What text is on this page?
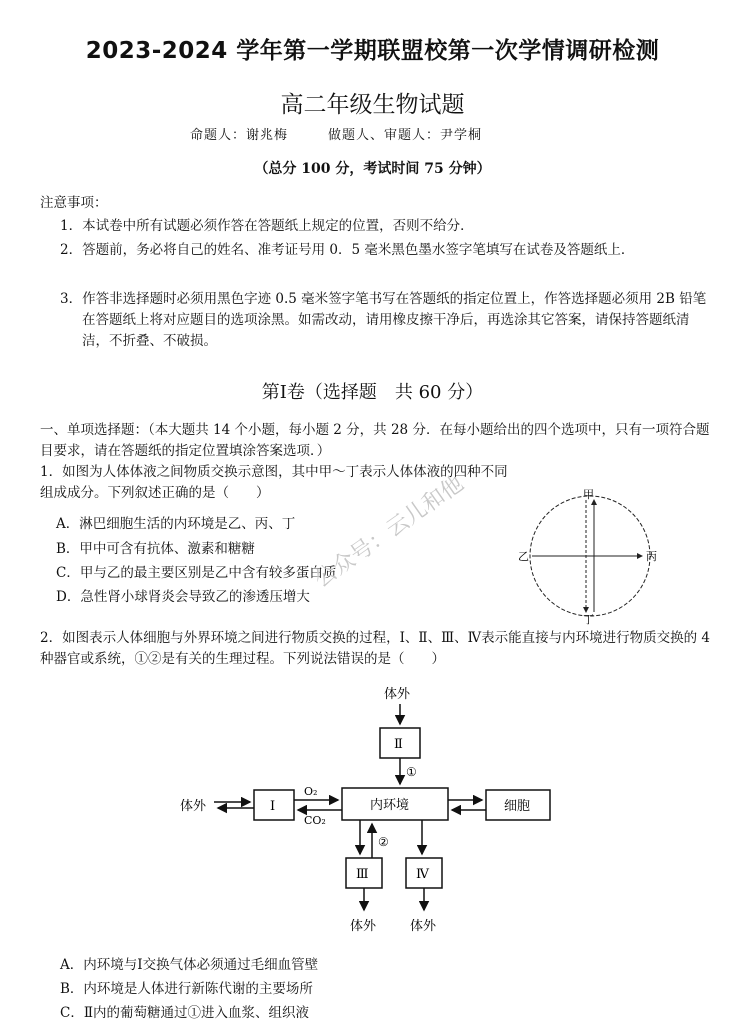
2023-2024 学年第一学期联盟校第一次学情调研检测
高二年级生物试题
命题人：谢兆梅	做题人、审题人：尹学桐
（总分 100 分，考试时间 75 分钟）
注意事项：
1．本试卷中所有试题必须作答在答题纸上规定的位置，否则不给分．
2．答题前，务必将自己的姓名、准考证号用 0．5 毫米黑色墨水签字笔填写在试卷及答题纸上．
3．作答非选择题时必须用黑色字迹 0.5 毫米签字笔书写在答题纸的指定位置上，作答选择题必须用 2B 铅笔在答题纸上将对应题目的选项涂黑。如需改动，请用橡皮擦干净后，再选涂其它答案，请保持答题纸清洁，不折叠、不破损。
第Ⅰ卷（选择题　共 60 分）
一、单项选择题：（本大题共 14 个小题，每小题 2 分，共 28 分．在每小题给出的四个选项中，只有一项符合题目要求，请在答题纸的指定位置填涂答案选项．）
1．如图为人体体液之间物质交换示意图，其中甲～丁表示人体体液的四种不同组成成分。下列叙述正确的是（　　）
A．淋巴细胞生活的内环境是乙、丙、丁
B．甲中可含有抗体、激素和糖糖
C．甲与乙的最主要区别是乙中含有较多蛋白质
D．急性肾小球肾炎会导致乙的渗透压增大
公众号：云儿和他	甲
乙	丙
丁
2．如图表示人体细胞与外界环境之间进行物质交换的过程，Ⅰ、Ⅱ、Ⅲ、Ⅳ表示能直接与内环境进行物质交换的 4 种器官或系统，①②是有关的生理过程。下列说法错误的是（　　）
体外
Ⅱ
①
内环境
体外	Ⅰ
O₂
CO₂
细胞
②
Ⅲ	Ⅳ
体外	体外
A．内环境与Ⅰ交换气体必须通过毛细血管壁
B．内环境是人体进行新陈代谢的主要场所
C．Ⅱ内的葡萄糖通过①进入血浆、组织液
